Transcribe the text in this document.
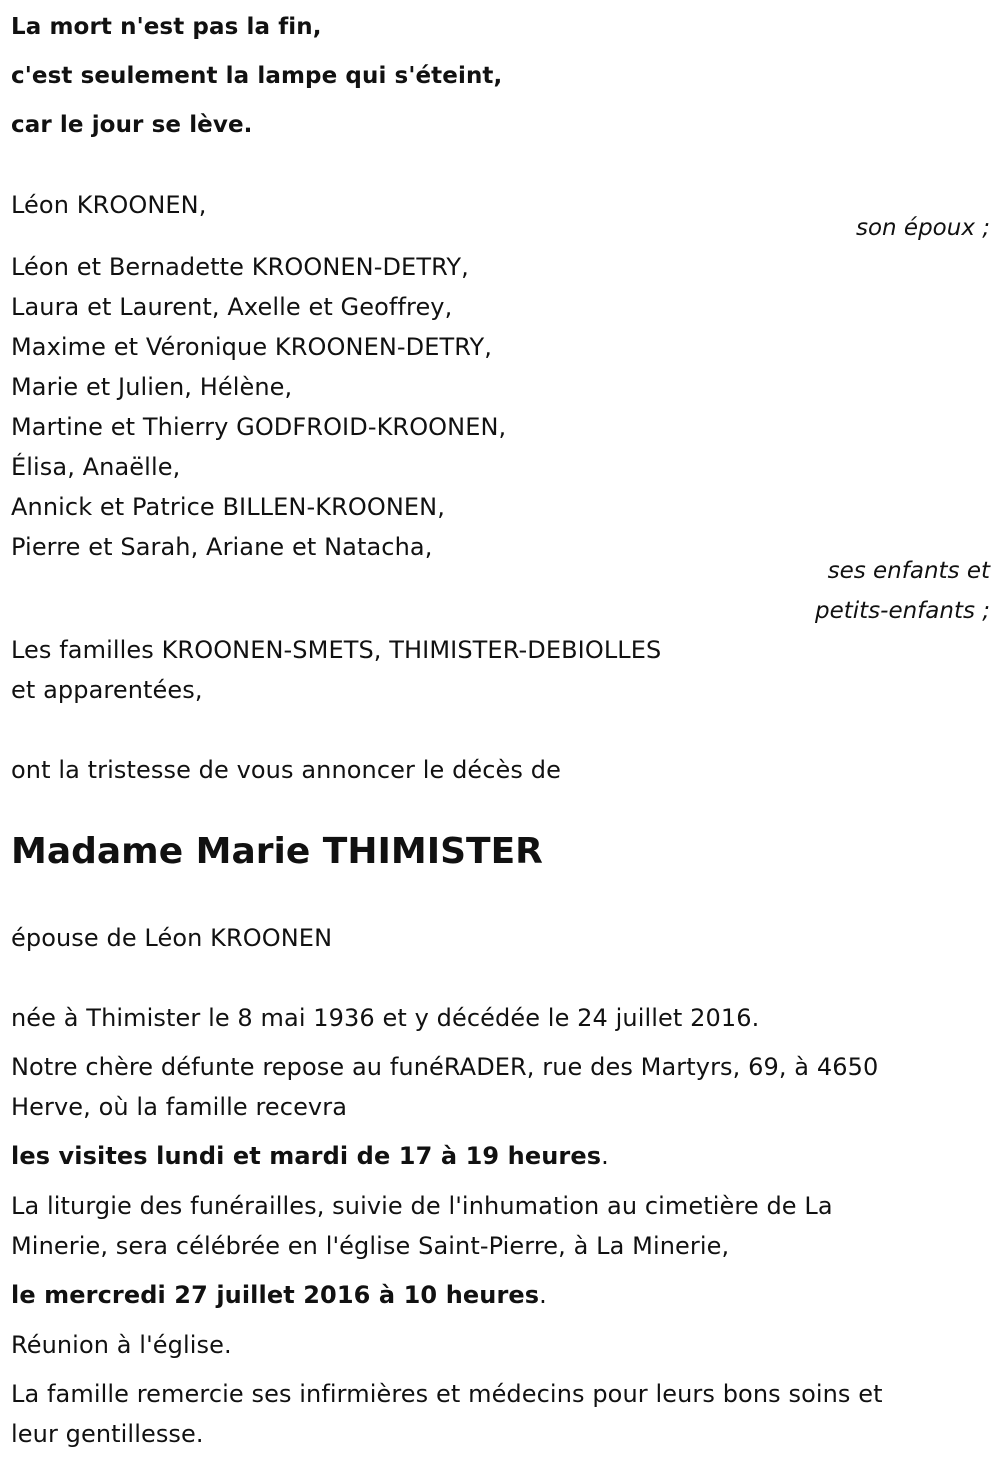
La mort n'est pas la fin,
c'est seulement la lampe qui s'éteint,
car le jour se lève.
Léon KROONEN,
son époux ;
Léon et Bernadette KROONEN-DETRY,
Laura et Laurent, Axelle et Geoffrey,
Maxime et Véronique KROONEN-DETRY,
Marie et Julien, Hélène,
Martine et Thierry GODFROID-KROONEN,
Élisa, Anaëlle,
Annick et Patrice BILLEN-KROONEN,
Pierre et Sarah, Ariane et Natacha,
ses enfants et
petits-enfants ;
Les familles KROONEN-SMETS, THIMISTER-DEBIOLLES
et apparentées,
ont la tristesse de vous annoncer le décès de
Madame Marie THIMISTER
épouse de Léon KROONEN
née à Thimister le 8 mai 1936 et y décédée le 24 juillet 2016.
Notre chère défunte repose au funéRADER, rue des Martyrs, 69, à 4650
Herve, où la famille recevra
les visites lundi et mardi de 17 à 19 heures.
La liturgie des funérailles, suivie de l'inhumation au cimetière de La
Minerie, sera célébrée en l'église Saint-Pierre, à La Minerie,
le mercredi 27 juillet 2016 à 10 heures.
Réunion à l'église.
La famille remercie ses infirmières et médecins pour leurs bons soins et
leur gentillesse.
